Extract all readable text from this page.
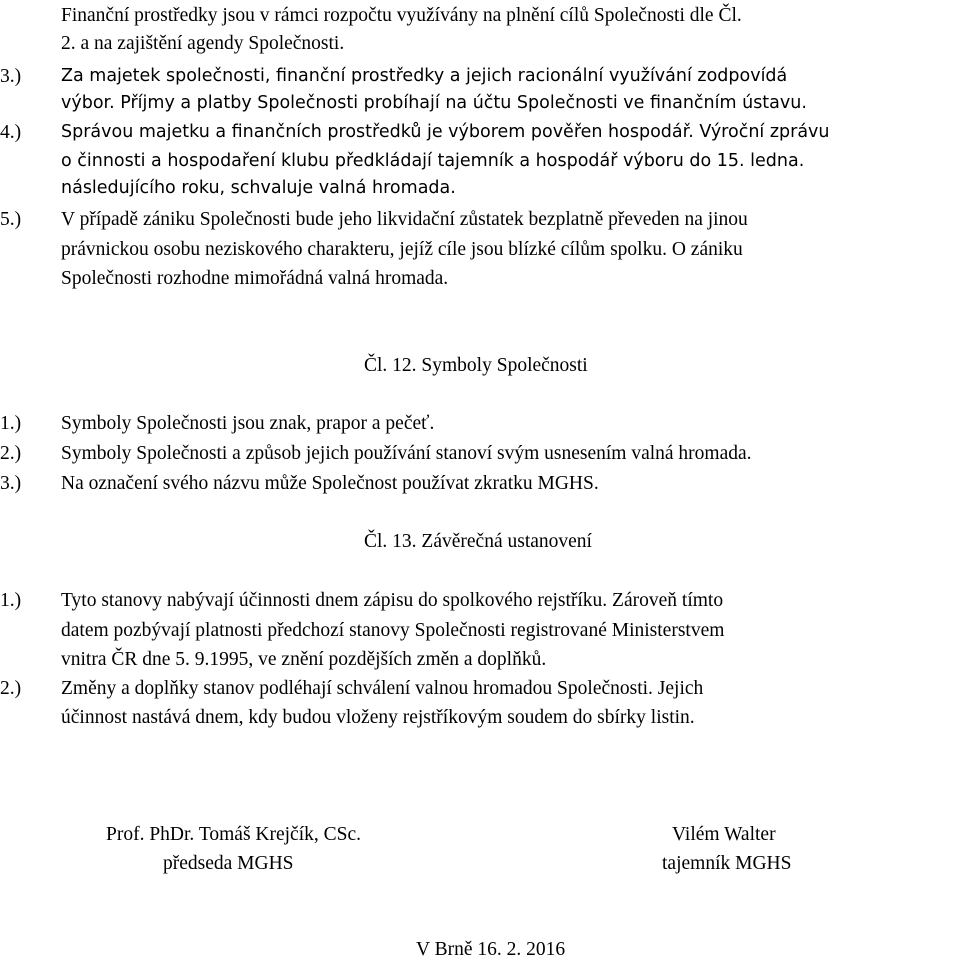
Finanční prostředky jsou v rámci rozpočtu využívány na plnění cílů Společnosti dle Čl.
2. a na zajištění agendy Společnosti.
3.) Za majetek společnosti, finanční prostředky a jejich racionální využívání zodpovídá
výbor. Příjmy a platby Společnosti probíhají na účtu Společnosti ve finančním ústavu.
4.) Správou majetku a finančních prostředků je výborem pověřen hospodář. Výroční zprávu
o činnosti a hospodaření klubu předkládají tajemník a hospodář výboru do 15. ledna.
následujícího roku, schvaluje valná hromada.
5.) V případě zániku Společnosti bude jeho likvidační zůstatek bezplatně převeden na jinou
právnickou osobu neziskového charakteru, jejíž cíle jsou blízké cílům spolku. O zániku
Společnosti rozhodne mimořádná valná hromada.
Čl. 12. Symboly Společnosti
1.) Symboly Společnosti jsou znak, prapor a pečeť.
2.) Symboly Společnosti a způsob jejich používání stanoví svým usnesením valná hromada.
3.) Na označení svého názvu může Společnost používat zkratku MGHS.
Čl. 13. Závěrečná ustanovení
1.) Tyto stanovy nabývají účinnosti dnem zápisu do spolkového rejstříku. Zároveň tímto
datem pozbývají platnosti předchozí stanovy Společnosti registrované Ministerstvem
vnitra ČR dne 5. 9.1995, ve znění pozdějších změn a doplňků.
2.) Změny a doplňky stanov podléhají schválení valnou hromadou Společnosti. Jejich
účinnost nastává dnem, kdy budou vloženy rejstříkovým soudem do sbírky listin.
Prof. PhDr. Tomáš Krejčík, CSc.
předseda MGHS
Vilém Walter
tajemník MGHS
V Brně 16. 2. 2016
